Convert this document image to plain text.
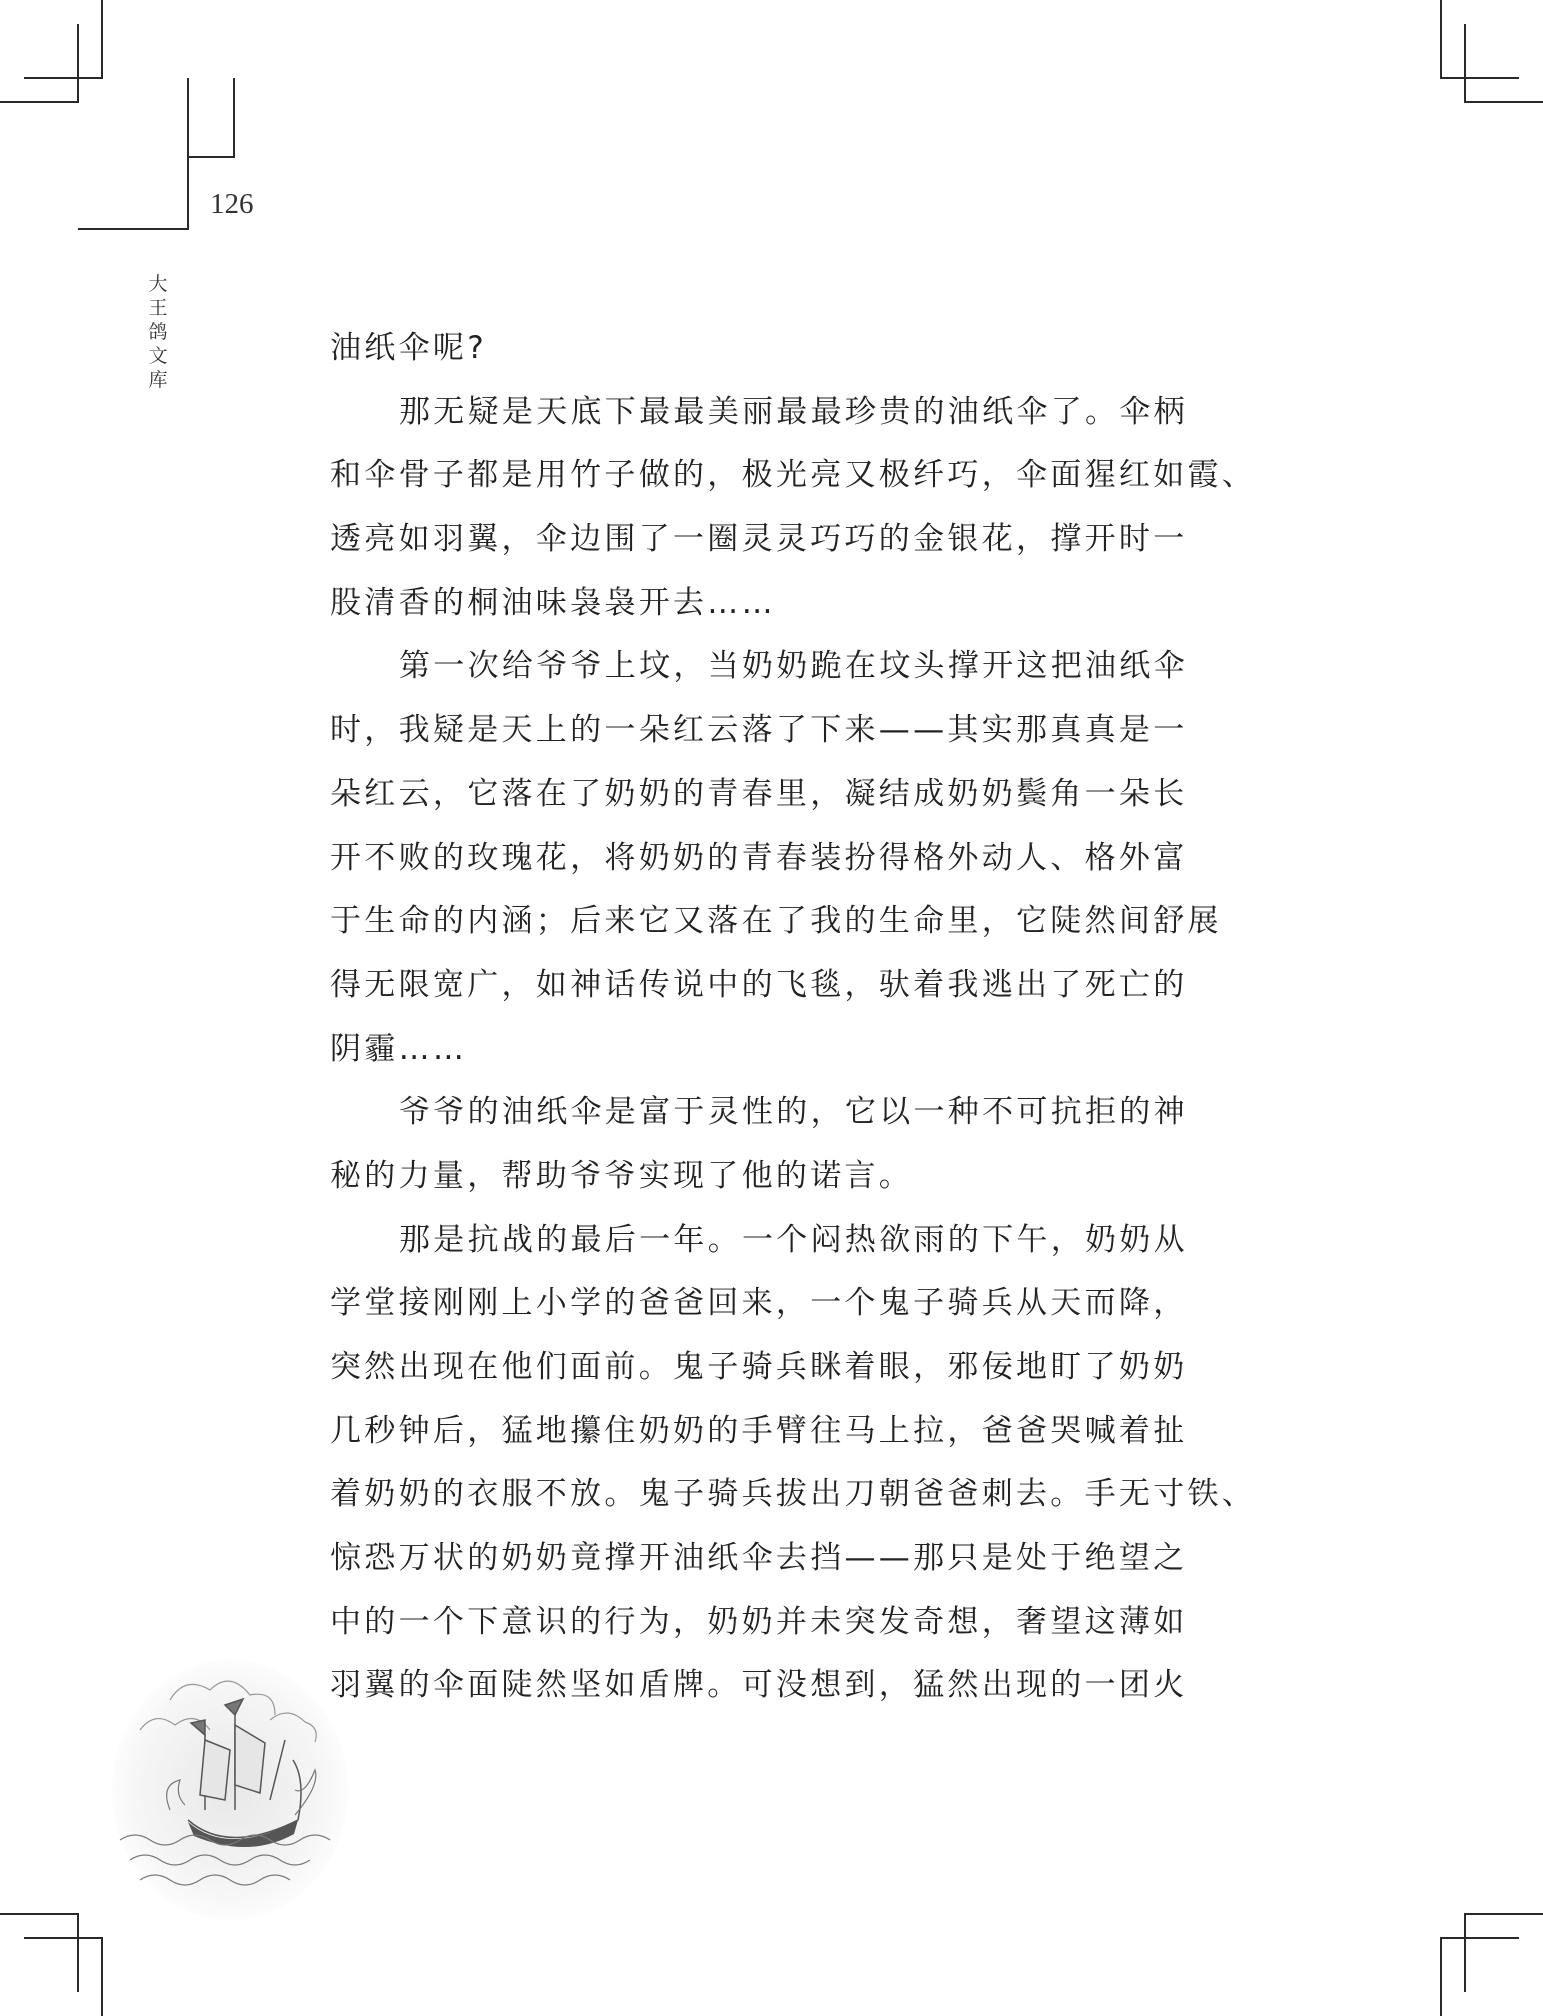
126
大
王
鸽
文
库
油纸伞呢?
那无疑是天底下最最美丽最最珍贵的油纸伞了。伞柄
和伞骨子都是用竹子做的，极光亮又极纤巧，伞面猩红如霞、
透亮如羽翼，伞边围了一圈灵灵巧巧的金银花，撑开时一
股清香的桐油味袅袅开去……
第一次给爷爷上坟，当奶奶跪在坟头撑开这把油纸伞
时，我疑是天上的一朵红云落了下来——其实那真真是一
朵红云，它落在了奶奶的青春里，凝结成奶奶鬓角一朵长
开不败的玫瑰花，将奶奶的青春装扮得格外动人、格外富
于生命的内涵；后来它又落在了我的生命里，它陡然间舒展
得无限宽广，如神话传说中的飞毯，驮着我逃出了死亡的
阴霾……
爷爷的油纸伞是富于灵性的，它以一种不可抗拒的神
秘的力量，帮助爷爷实现了他的诺言。
那是抗战的最后一年。一个闷热欲雨的下午，奶奶从
学堂接刚刚上小学的爸爸回来，一个鬼子骑兵从天而降，
突然出现在他们面前。鬼子骑兵眯着眼，邪佞地盯了奶奶
几秒钟后，猛地攥住奶奶的手臂往马上拉，爸爸哭喊着扯
着奶奶的衣服不放。鬼子骑兵拔出刀朝爸爸刺去。手无寸铁、
惊恐万状的奶奶竟撑开油纸伞去挡——那只是处于绝望之
中的一个下意识的行为，奶奶并未突发奇想，奢望这薄如
羽翼的伞面陡然坚如盾牌。可没想到，猛然出现的一团火
